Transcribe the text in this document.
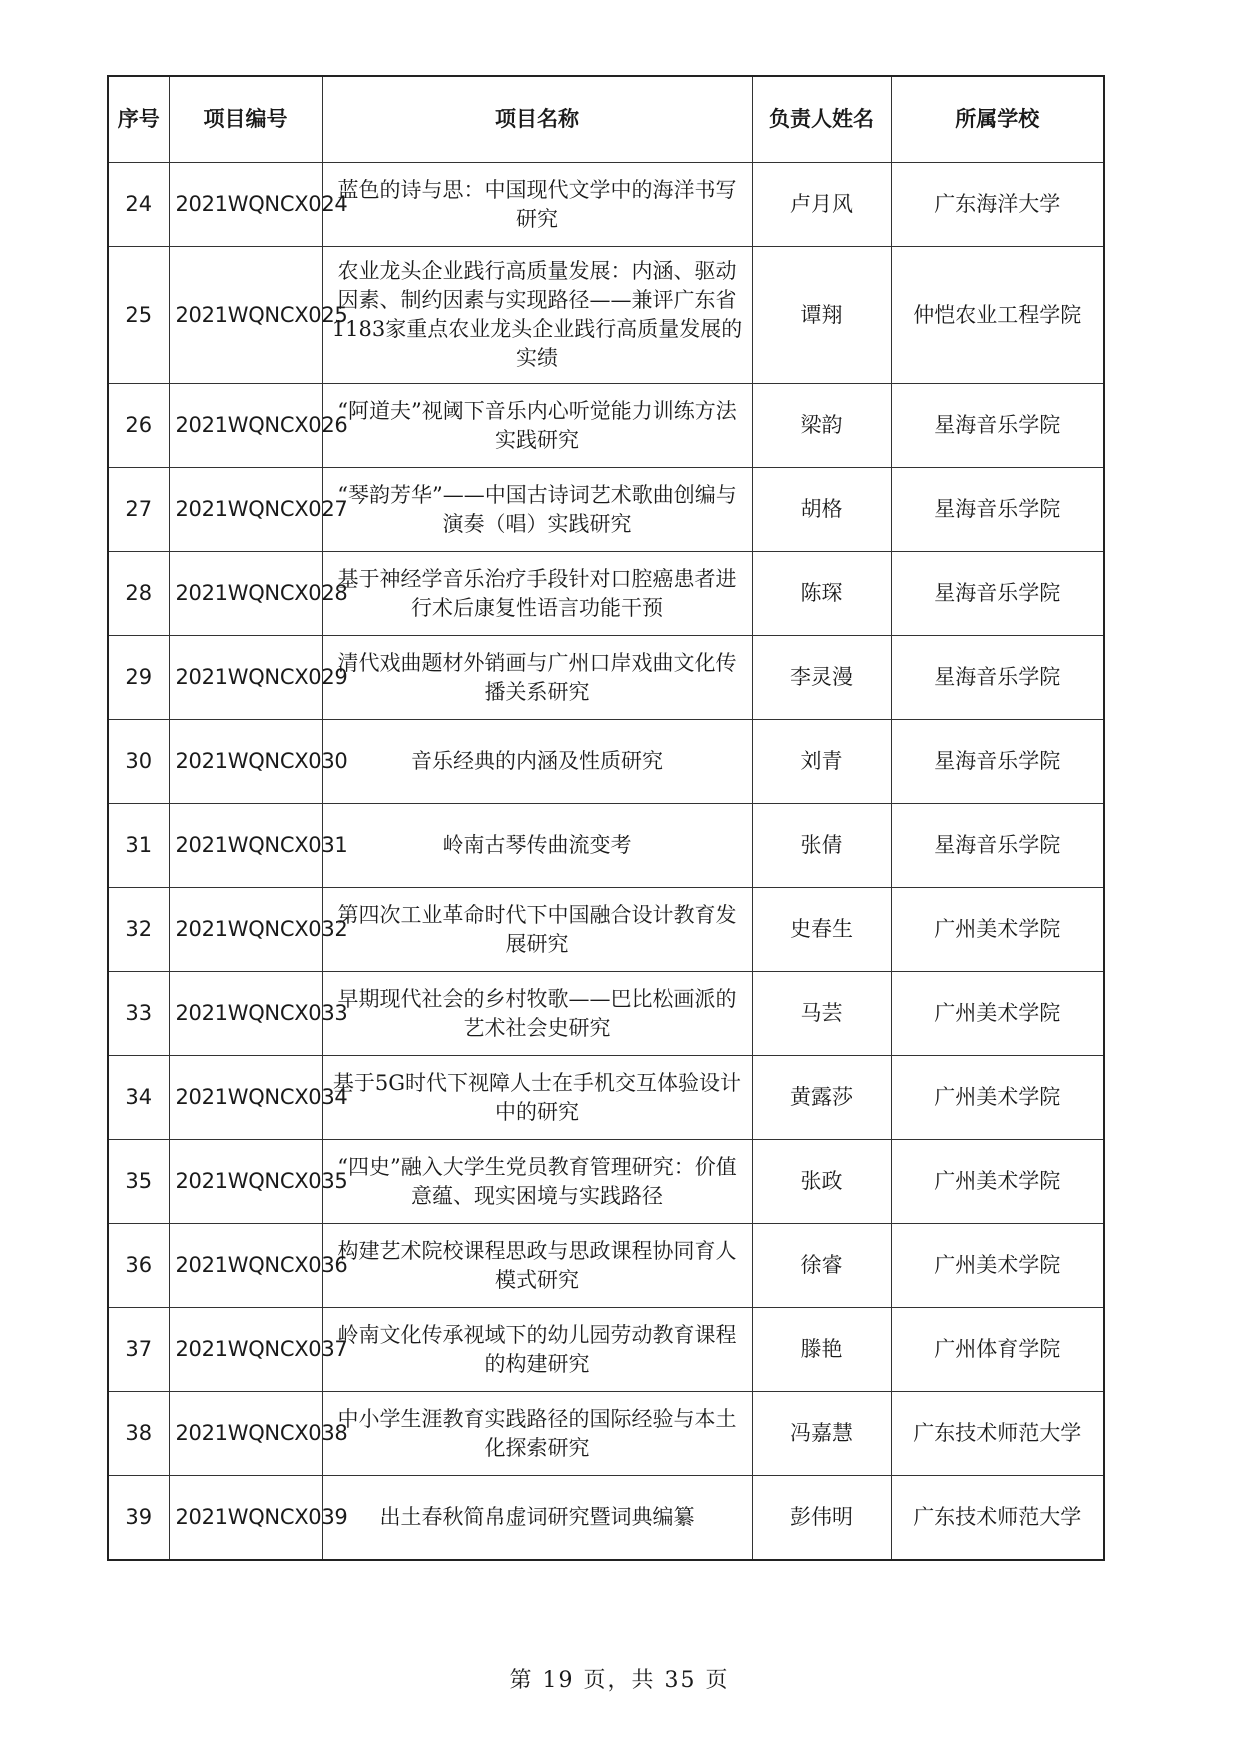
序号	项目编号	项目名称	负责人姓名	所属学校
24	2021WQNCX024	蓝色的诗与思：中国现代文学中的海洋书写研究	卢月风	广东海洋大学
25	2021WQNCX025	农业龙头企业践行高质量发展：内涵、驱动因素、制约因素与实现路径——兼评广东省1183家重点农业龙头企业践行高质量发展的实绩	谭翔	仲恺农业工程学院
26	2021WQNCX026	“阿道夫”视阈下音乐内心听觉能力训练方法实践研究	梁韵	星海音乐学院
27	2021WQNCX027	“琴韵芳华”——中国古诗词艺术歌曲创编与演奏（唱）实践研究	胡格	星海音乐学院
28	2021WQNCX028	基于神经学音乐治疗手段针对口腔癌患者进行术后康复性语言功能干预	陈琛	星海音乐学院
29	2021WQNCX029	清代戏曲题材外销画与广州口岸戏曲文化传播关系研究	李灵漫	星海音乐学院
30	2021WQNCX030	音乐经典的内涵及性质研究	刘青	星海音乐学院
31	2021WQNCX031	岭南古琴传曲流变考	张倩	星海音乐学院
32	2021WQNCX032	第四次工业革命时代下中国融合设计教育发展研究	史春生	广州美术学院
33	2021WQNCX033	早期现代社会的乡村牧歌——巴比松画派的艺术社会史研究	马芸	广州美术学院
34	2021WQNCX034	基于5G时代下视障人士在手机交互体验设计中的研究	黄露莎	广州美术学院
35	2021WQNCX035	“四史”融入大学生党员教育管理研究：价值意蕴、现实困境与实践路径	张政	广州美术学院
36	2021WQNCX036	构建艺术院校课程思政与思政课程协同育人模式研究	徐睿	广州美术学院
37	2021WQNCX037	岭南文化传承视域下的幼儿园劳动教育课程的构建研究	滕艳	广州体育学院
38	2021WQNCX038	中小学生涯教育实践路径的国际经验与本土化探索研究	冯嘉慧	广东技术师范大学
39	2021WQNCX039	出土春秋简帛虚词研究暨词典编纂	彭伟明	广东技术师范大学
第 19 页，共 35 页
